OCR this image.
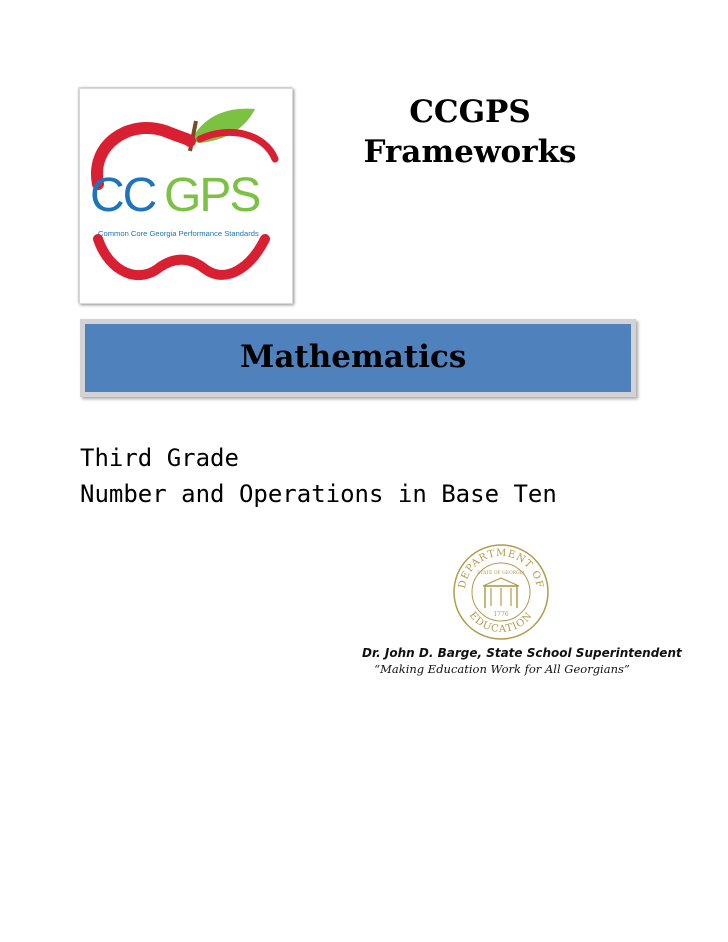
CC GPS
Common Core Georgia Performance Standards
CCGPS
Frameworks
Mathematics
Third Grade
Number and Operations in Base Ten
DEPARTMENT OF
EDUCATION
STATE OF GEORGIA
1776
Dr. John D. Barge, State School Superintendent
“Making Education Work for All Georgians”
